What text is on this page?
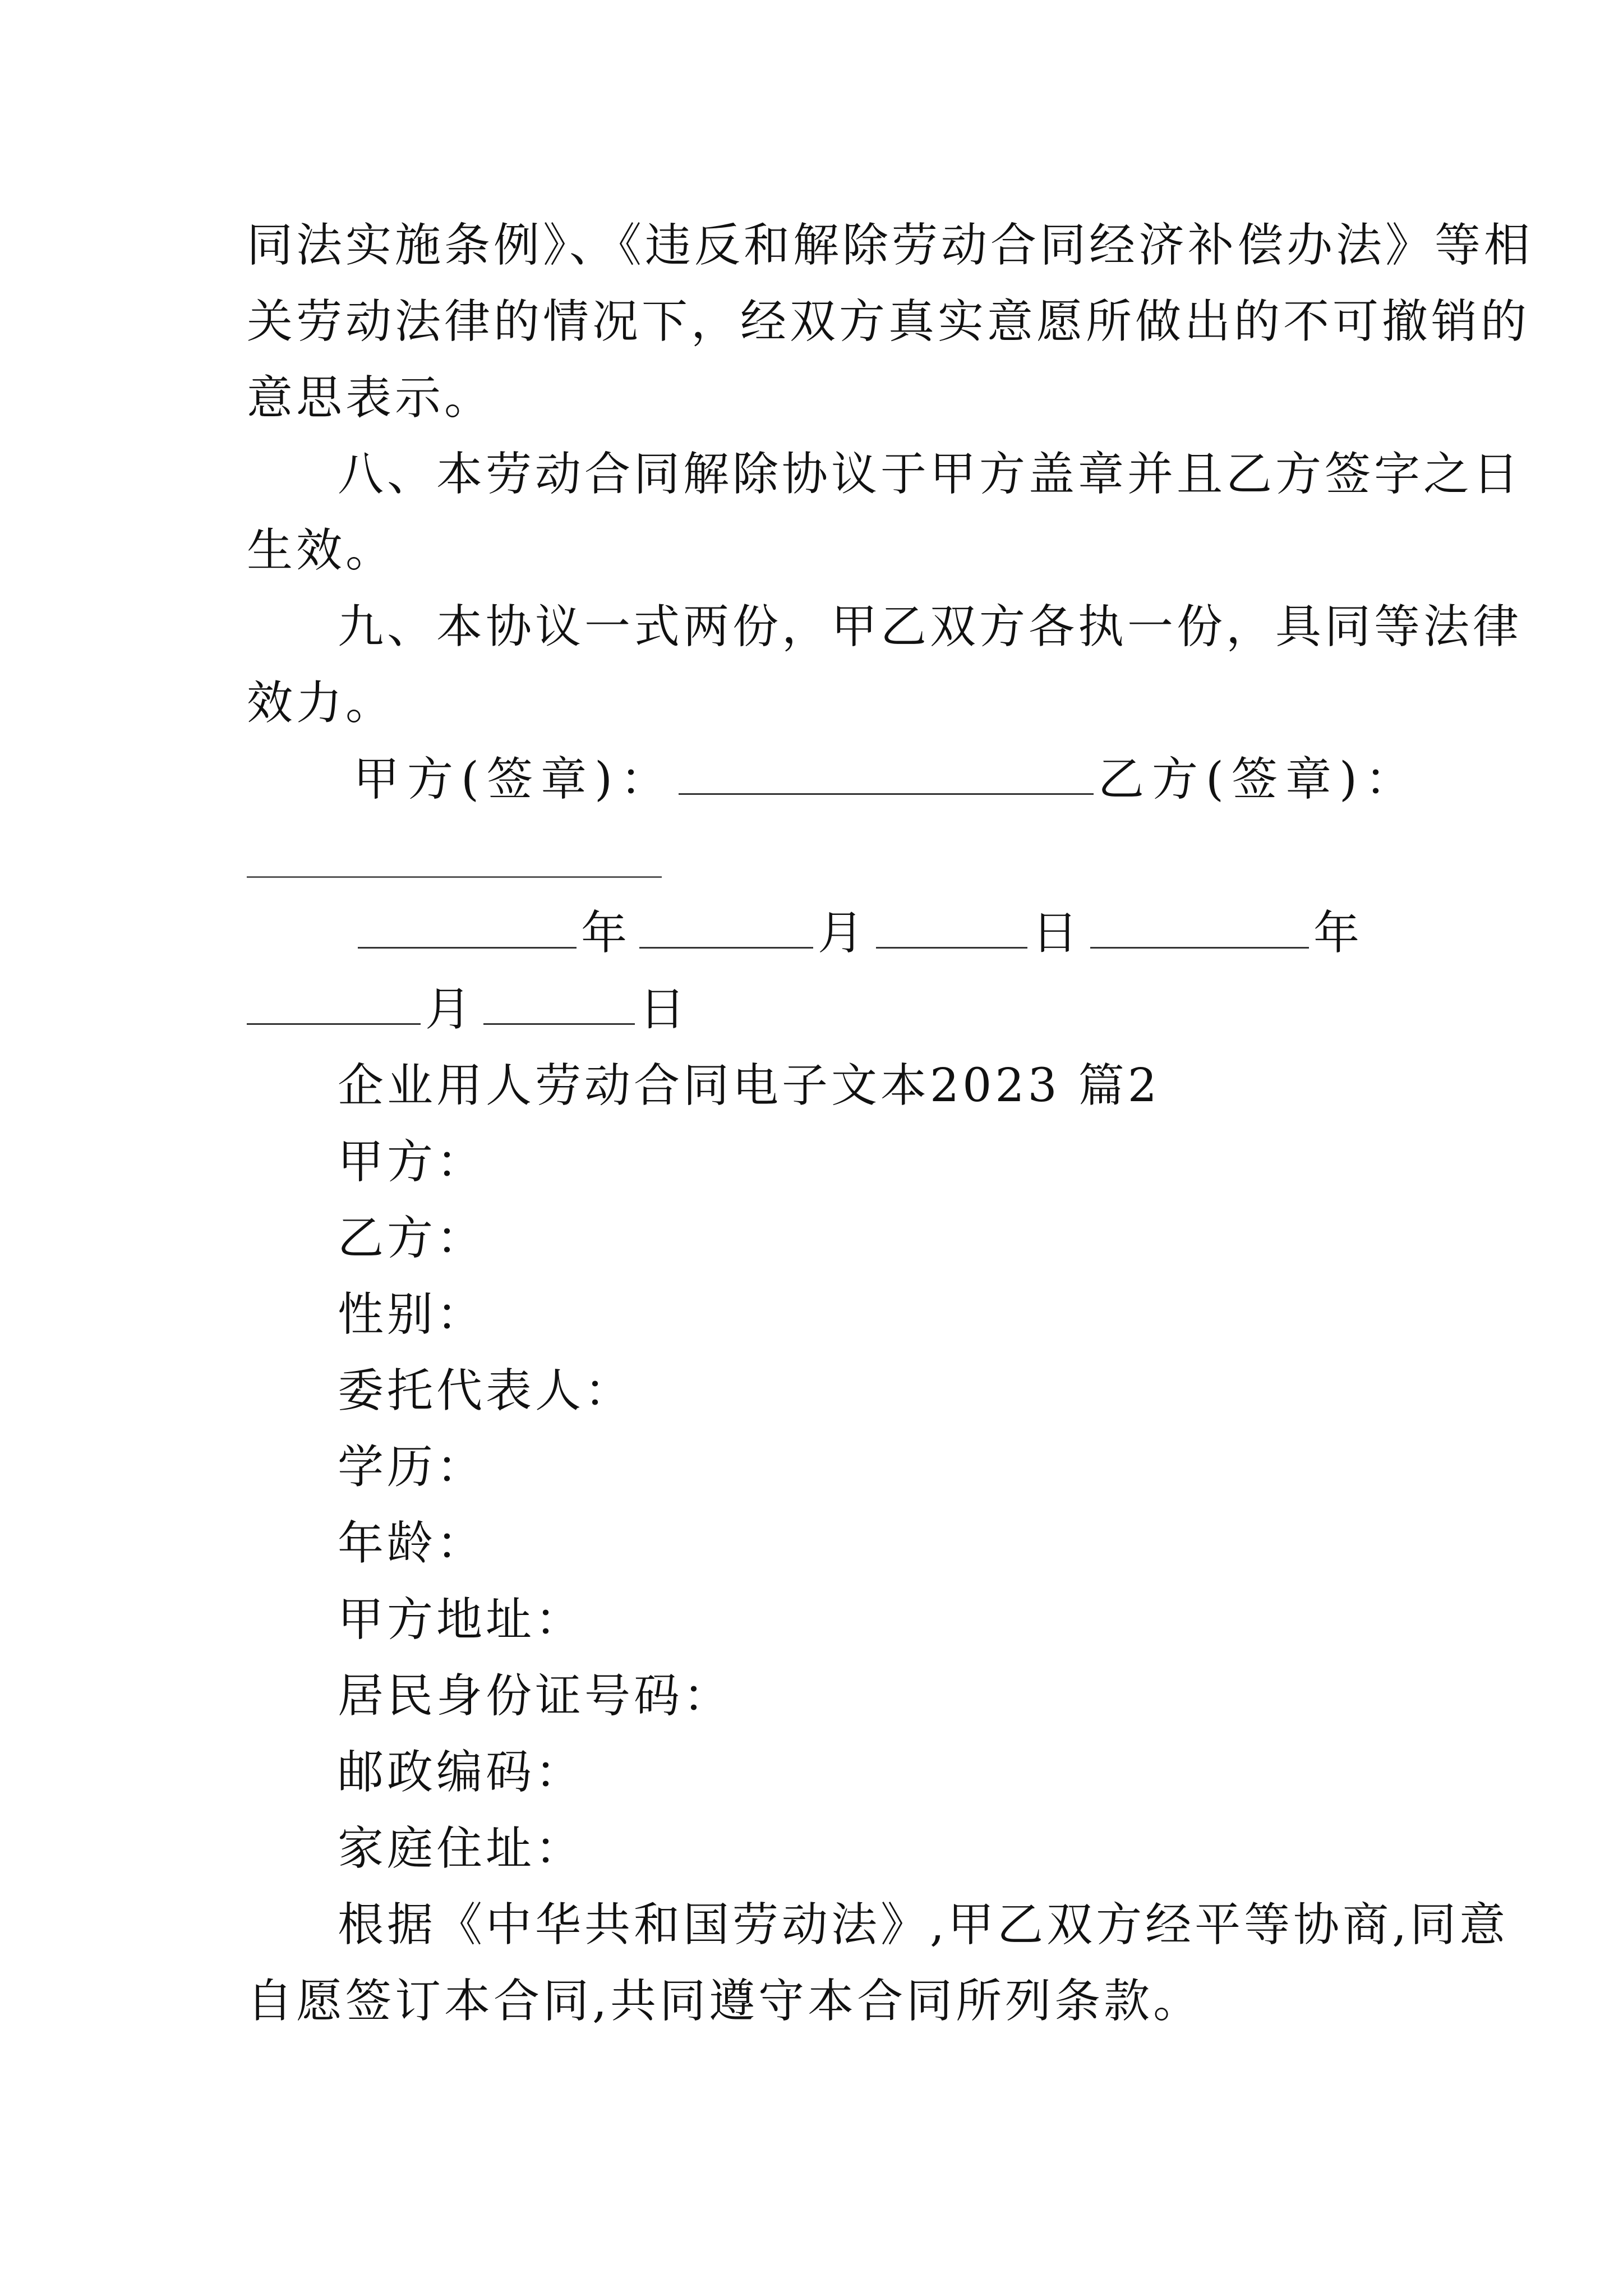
同法实施条例》、《违反和解除劳动合同经济补偿办法》等相
关劳动法律的情况下，经双方真实意愿所做出的不可撤销的
意思表示。
八、本劳动合同解除协议于甲方盖章并且乙方签字之日
生效。
九、本协议一式两份，甲乙双方各执一份，具同等法律
效力。
甲方(签章)：	乙方(签章)：
年	月	日	年
月	日
企业用人劳动合同电子文本2023 篇2
甲方：
乙方：
性别：
委托代表人：
学历：
年龄：
甲方地址：
居民身份证号码：
邮政编码：
家庭住址：
根据《中华共和国劳动法》,甲乙双方经平等协商,同意
自愿签订本合同,共同遵守本合同所列条款。
